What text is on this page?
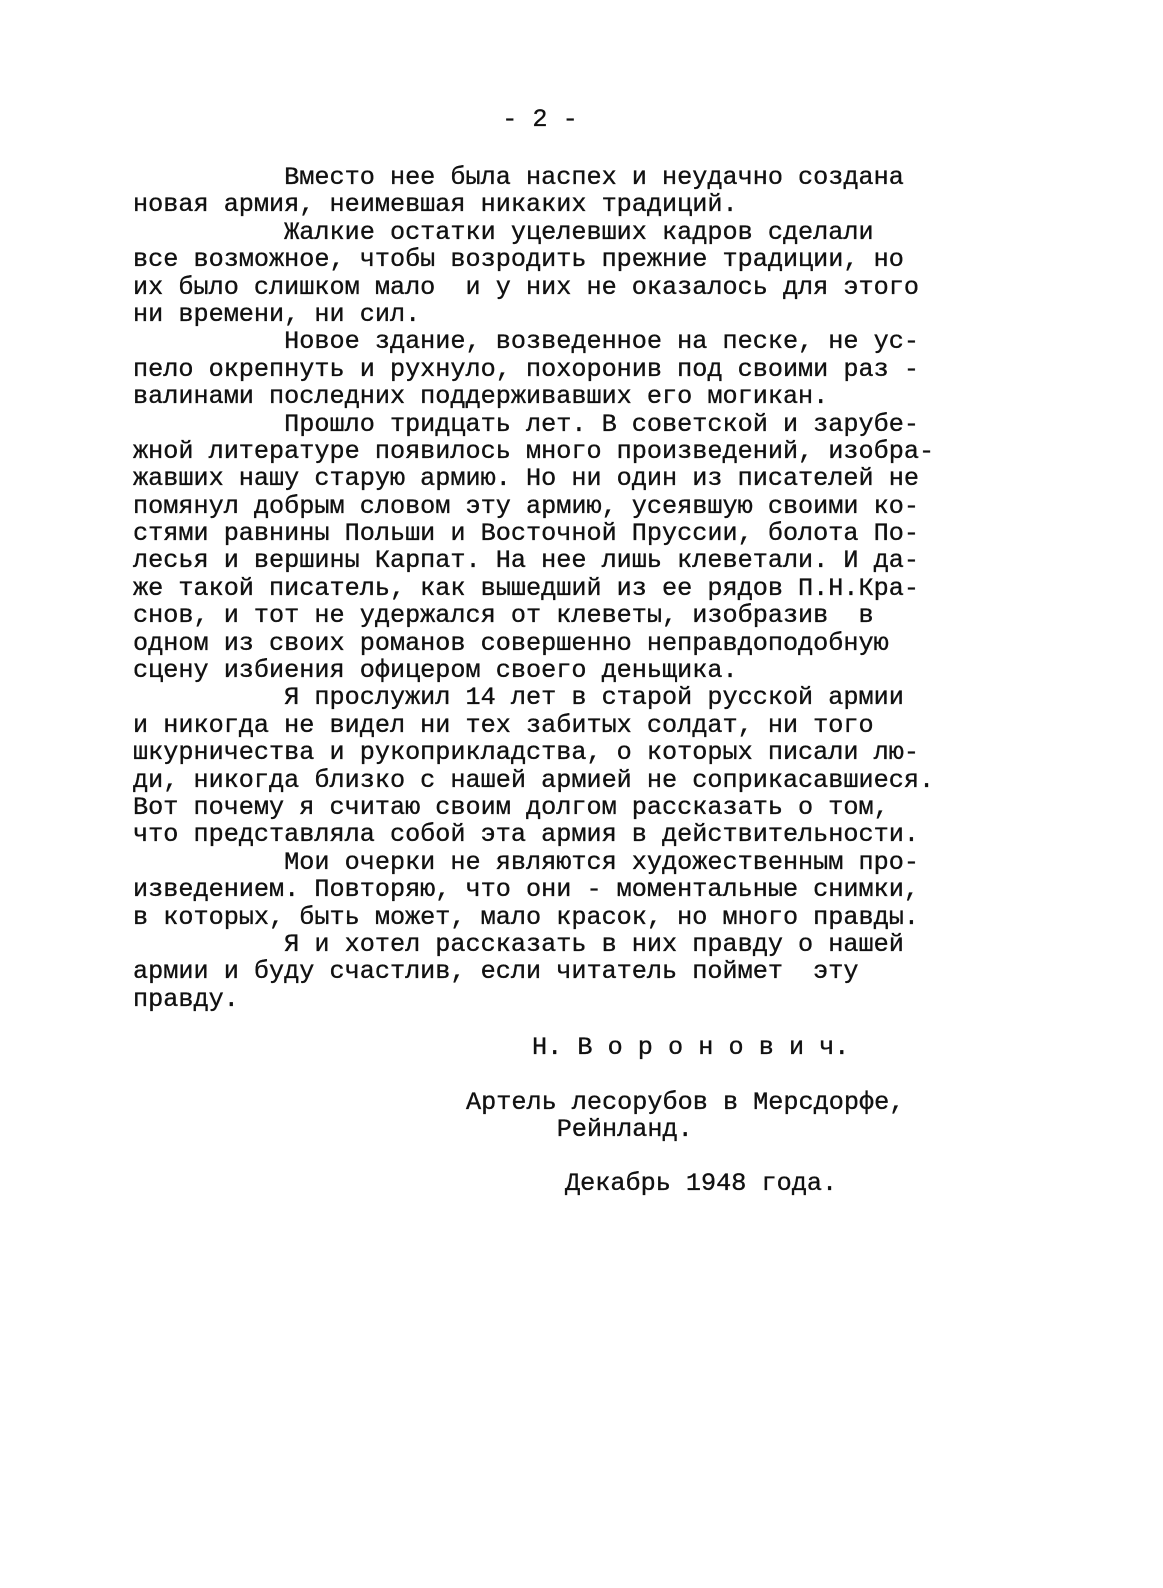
- 2 -
Вместо нее была наспех и неудачно создана
новая армия, неимевшая никаких традиций.
Жалкие остатки уцелевших кадров сделали
все возможное, чтобы возродить прежние традиции, но
их было слишком мало  и у них не оказалось для этого
ни времени, ни сил.
Новое здание, возведенное на песке, не ус-
пело окрепнуть и рухнуло, похоронив под своими раз -
валинами последних поддерживавших его могикан.
Прошло тридцать лет. В советской и зарубе-
жной литературе появилось много произведений, изобра-
жавших нашу старую армию. Но ни один из писателей не
помянул добрым словом эту армию, усеявшую своими ко-
стями равнины Польши и Восточной Пруссии, болота По-
лесья и вершины Карпат. На нее лишь клеветали. И да-
же такой писатель, как вышедший из ее рядов П.Н.Кра-
снов, и тот не удержался от клеветы, изобразив  в
одном из своих романов совершенно неправдоподобную
сцену избиения офицером своего деньщика.
Я прослужил 14 лет в старой русской армии
и никогда не видел ни тех забитых солдат, ни того
шкурничества и рукоприкладства, о которых писали лю-
ди, никогда близко с нашей армией не соприкасавшиеся.
Вот почему я считаю своим долгом рассказать о том,
что представляла собой эта армия в действительности.
Мои очерки не являются художественным про-
изведением. Повторяю, что они - моментальные снимки,
в которых, быть может, мало красок, но много правды.
Я и хотел рассказать в них правду о нашей
армии и буду счастлив, если читатель поймет  эту
правду.
Н. В о р о н о в и ч.
Артель лесорубов в Мерсдорфе,
Рейнланд.
Декабрь 1948 года.
